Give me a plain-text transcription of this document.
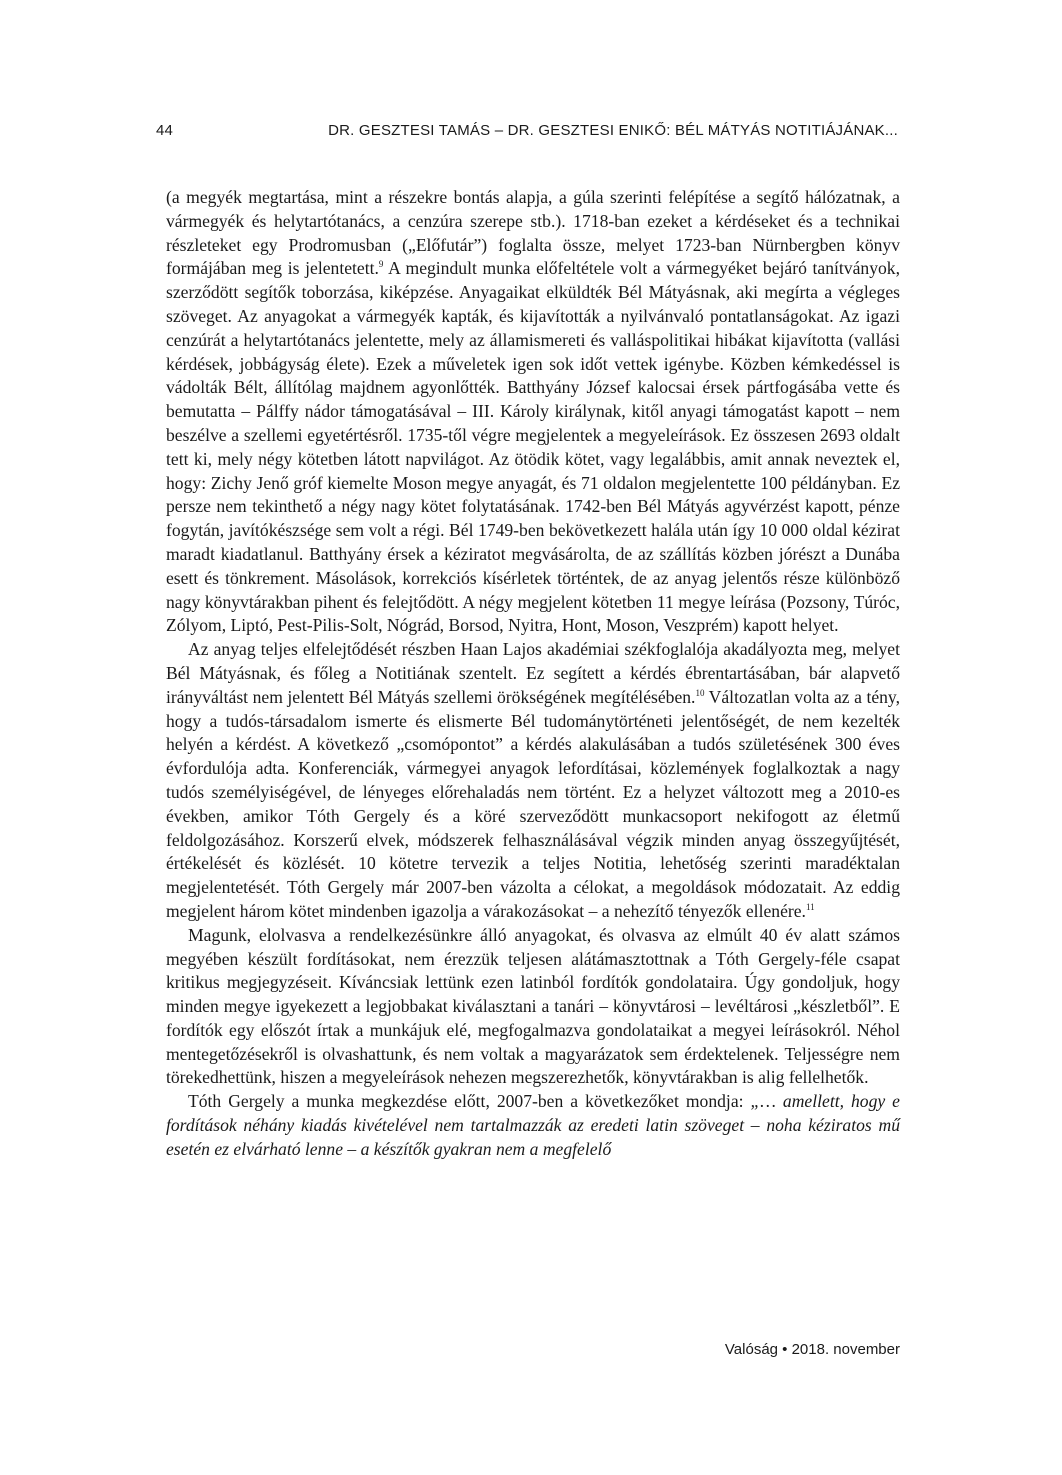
44	DR. GESZTESI TAMÁS – DR. GESZTESI ENIKŐ: BÉL MÁTYÁS NOTITIÁJÁNAK...

(a megyék megtartása, mint a részekre bontás alapja, a gúla szerinti felépítése a segítő hálózatnak, a vármegyék és helytartótanács, a cenzúra szerepe stb.). 1718-ban ezeket a kérdéseket és a technikai részleteket egy Prodromusban („Előfutár”) foglalta össze, melyet 1723-ban Nürnbergben könyv formájában meg is jelentetett.$^9$ A megindult munka előfeltétele volt a vármegyéket bejáró tanítványok, szerződött segítők toborzása, kiképzése. Anyagaikat elküldték Bél Mátyásnak, aki megírta a végleges szöveget. Az anyagokat a vármegyék kapták, és kijavították a nyilvánvaló pontatlanságokat. Az igazi cenzúrát a helytartótanács jelentette, mely az államismereti és valláspolitikai hibákat kijavította (vallási kérdések, jobbágyság élete). Ezek a műveletek igen sok időt vettek igénybe. Közben kémkedéssel is vádolták Bélt, állítólag majdnem agyonlőtték. Batthyány József kalocsai érsek pártfogásába vette és bemutatta – Pálffy nádor támogatásával – III. Károly királynak, kitől anyagi támogatást kapott – nem beszélve a szellemi egyetértésről. 1735-től végre megjelentek a megyeleírások. Ez összesen 2693 oldalt tett ki, mely négy kötetben látott napvilágot. Az ötödik kötet, vagy legalábbis, amit annak neveztek el, hogy: Zichy Jenő gróf kiemelte Moson megye anyagát, és 71 oldalon megjelentette 100 példányban. Ez persze nem tekinthető a négy nagy kötet folytatásának. 1742-ben Bél Mátyás agyvérzést kapott, pénze fogytán, javítókészsége sem volt a régi. Bél 1749-ben bekövetkezett halála után így 10 000 oldal kézirat maradt kiadatlanul. Batthyány érsek a kéziratot megvásárolta, de az szállítás közben jórészt a Dunába esett és tönkrement. Másolások, korrekciós kísérletek történtek, de az anyag jelentős része különböző nagy könyvtárakban pihent és felejtődött. A négy megjelent kötetben 11 megye leírása (Pozsony, Túróc, Zólyom, Liptó, Pest-Pilis-Solt, Nógrád, Borsod, Nyitra, Hont, Moson, Veszprém) kapott helyet.

Az anyag teljes elfelejtődését részben Haan Lajos akadémiai székfoglalója akadályozta meg, melyet Bél Mátyásnak, és főleg a Notitiának szentelt. Ez segített a kérdés ébrentartásában, bár alapvető irányváltást nem jelentett Bél Mátyás szellemi örökségének megítélésében.$^{10}$ Változatlan volta az a tény, hogy a tudós-társadalom ismerte és elismerte Bél tudománytörténeti jelentőségét, de nem kezelték helyén a kérdést. A következő „csomópontot” a kérdés alakulásában a tudós születésének 300 éves évfordulója adta. Konferenciák, vármegyei anyagok lefordításai, közlemények foglalkoztak a nagy tudós személyiségével, de lényeges előrehaladás nem történt. Ez a helyzet változott meg a 2010-es években, amikor Tóth Gergely és a köré szerveződött munkacsoport nekifogott az életmű feldolgozásához. Korszerű elvek, módszerek felhasználásával végzik minden anyag összegyűjtését, értékelését és közlését. 10 kötetre tervezik a teljes Notitia, lehetőség szerinti maradéktalan megjelentetését. Tóth Gergely már 2007-ben vázolta a célokat, a megoldások módozatait. Az eddig megjelent három kötet mindenben igazolja a várakozásokat – a nehezítő tényezők ellenére.$^{11}$

Magunk, elolvasva a rendelkezésünkre álló anyagokat, és olvasva az elmúlt 40 év alatt számos megyében készült fordításokat, nem érezzük teljesen alátámasztottnak a Tóth Gergely-féle csapat kritikus megjegyzéseit. Kíváncsiak lettünk ezen latinból fordítók gondolataira. Úgy gondoljuk, hogy minden megye igyekezett a legjobbakat kiválasztani a tanári – könyvtárosi – levéltárosi „készletből”. E fordítók egy előszót írtak a munkájuk elé, megfogalmazva gondolataikat a megyei leírásokról. Néhol mentegetőzésekről is olvashattunk, és nem voltak a magyarázatok sem érdektelenek. Teljességre nem törekedhettünk, hiszen a megyeleírások nehezen megszerezhetők, könyvtárakban is alig fellelhetők.

Tóth Gergely a munka megkezdése előtt, 2007-ben a következőket mondja: „… amellett, hogy e fordítások néhány kiadás kivételével nem tartalmazzák az eredeti latin szöveget – noha kéziratos mű esetén ez elvárható lenne – a készítők gyakran nem a megfelelő

Valóság • 2018. november
